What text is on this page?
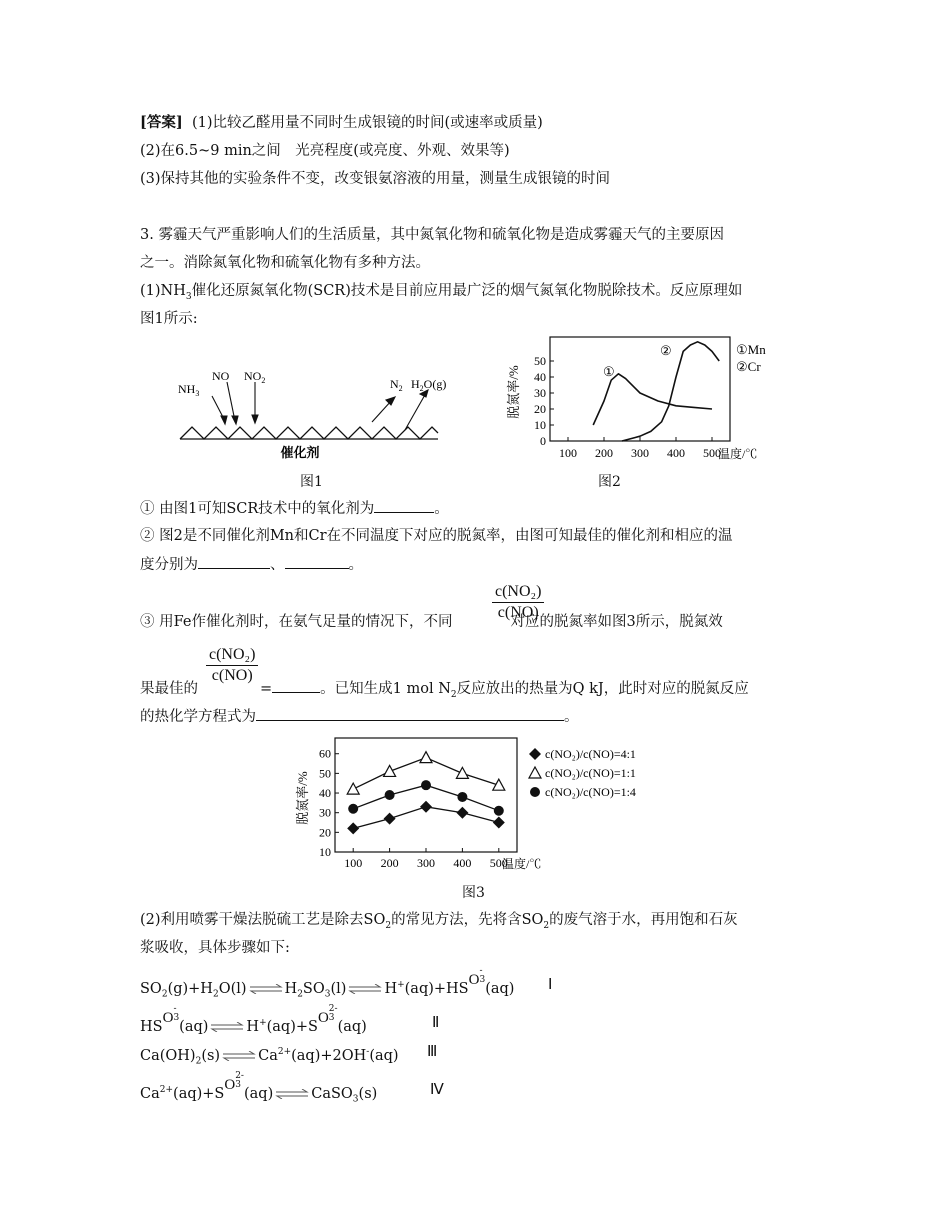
[答案] (1)比较乙醛用量不同时生成银镜的时间(或速率或质量)
(2)在6.5~9 min之间　光亮程度(或亮度、外观、效果等)
(3)保持其他的实验条件不变，改变银氨溶液的用量，测量生成银镜的时间
3. 雾霾天气严重影响人们的生活质量，其中氮氧化物和硫氧化物是造成雾霾天气的主要原因
之一。消除氮氧化物和硫氧化物有多种方法。
$(1)NH_3$催化还原氮氧化物(SCR)技术是目前应用最广泛的烟气氮氧化物脱除技术。反应原理如
图1所示:
$NH_3$
NO $NO_2$	$N_2$ $H_2O(g)$
催化剂
图1
0
10
20
30
40
50
100 200 300 400 500
脱氮率/%
温度/℃
①Mn
②Cr
①
②
图2
① 由图1可知SCR技术中的氧化剂为	。
② 图2是不同催化剂Mn和Cr在不同温度下对应的脱氮率，由图可知最佳的催化剂和相应的温
度分别为	、	。
$\frac{\text{c(NO₂)}}{c(NO)}$
③ 用Fe作催化剂时，在氨气足量的情况下，不同	对应的脱氮率如图3所示，脱氮效
$\frac{\text{c(NO₂)}}{c(NO)}$
果最佳的	=	。已知生成1 mol $N_2$反应放出的热量为Q kJ，此时对应的脱氮反应
的热化学方程式为	。
10
20
30
40
50
60
100 200 300 400 500
c(NO₂)/c(NO)=4:1
c(NO₂)/c(NO)=1:1
c(NO₂)/c(NO)=1:4
脱氮率/%
温度/℃
图3
(2)利用喷雾干燥法脱硫工艺是除去$SO_2$的常见方法，先将含$SO_2$的废气溶于水，再用饱和石灰
浆吸收，具体步骤如下:
$SO_2(g)+H_2O(l)$ ⇌ $H_2SO_3(l)$ ⇌ H+(aq)+HSO
-
3
(aq) Ⅰ
HSO
-
3
(aq) ⇌ H+(aq)+SO
2-
3
(aq)	Ⅱ
$Ca(OH)_2(s)$ ⇌ $Ca^{2+}(aq)+2OH^-(aq)$ Ⅲ
$Ca^{2+}(aq)+SO$
2-
3
(aq) ⇌ CaSO$_3$(s)	Ⅳ
